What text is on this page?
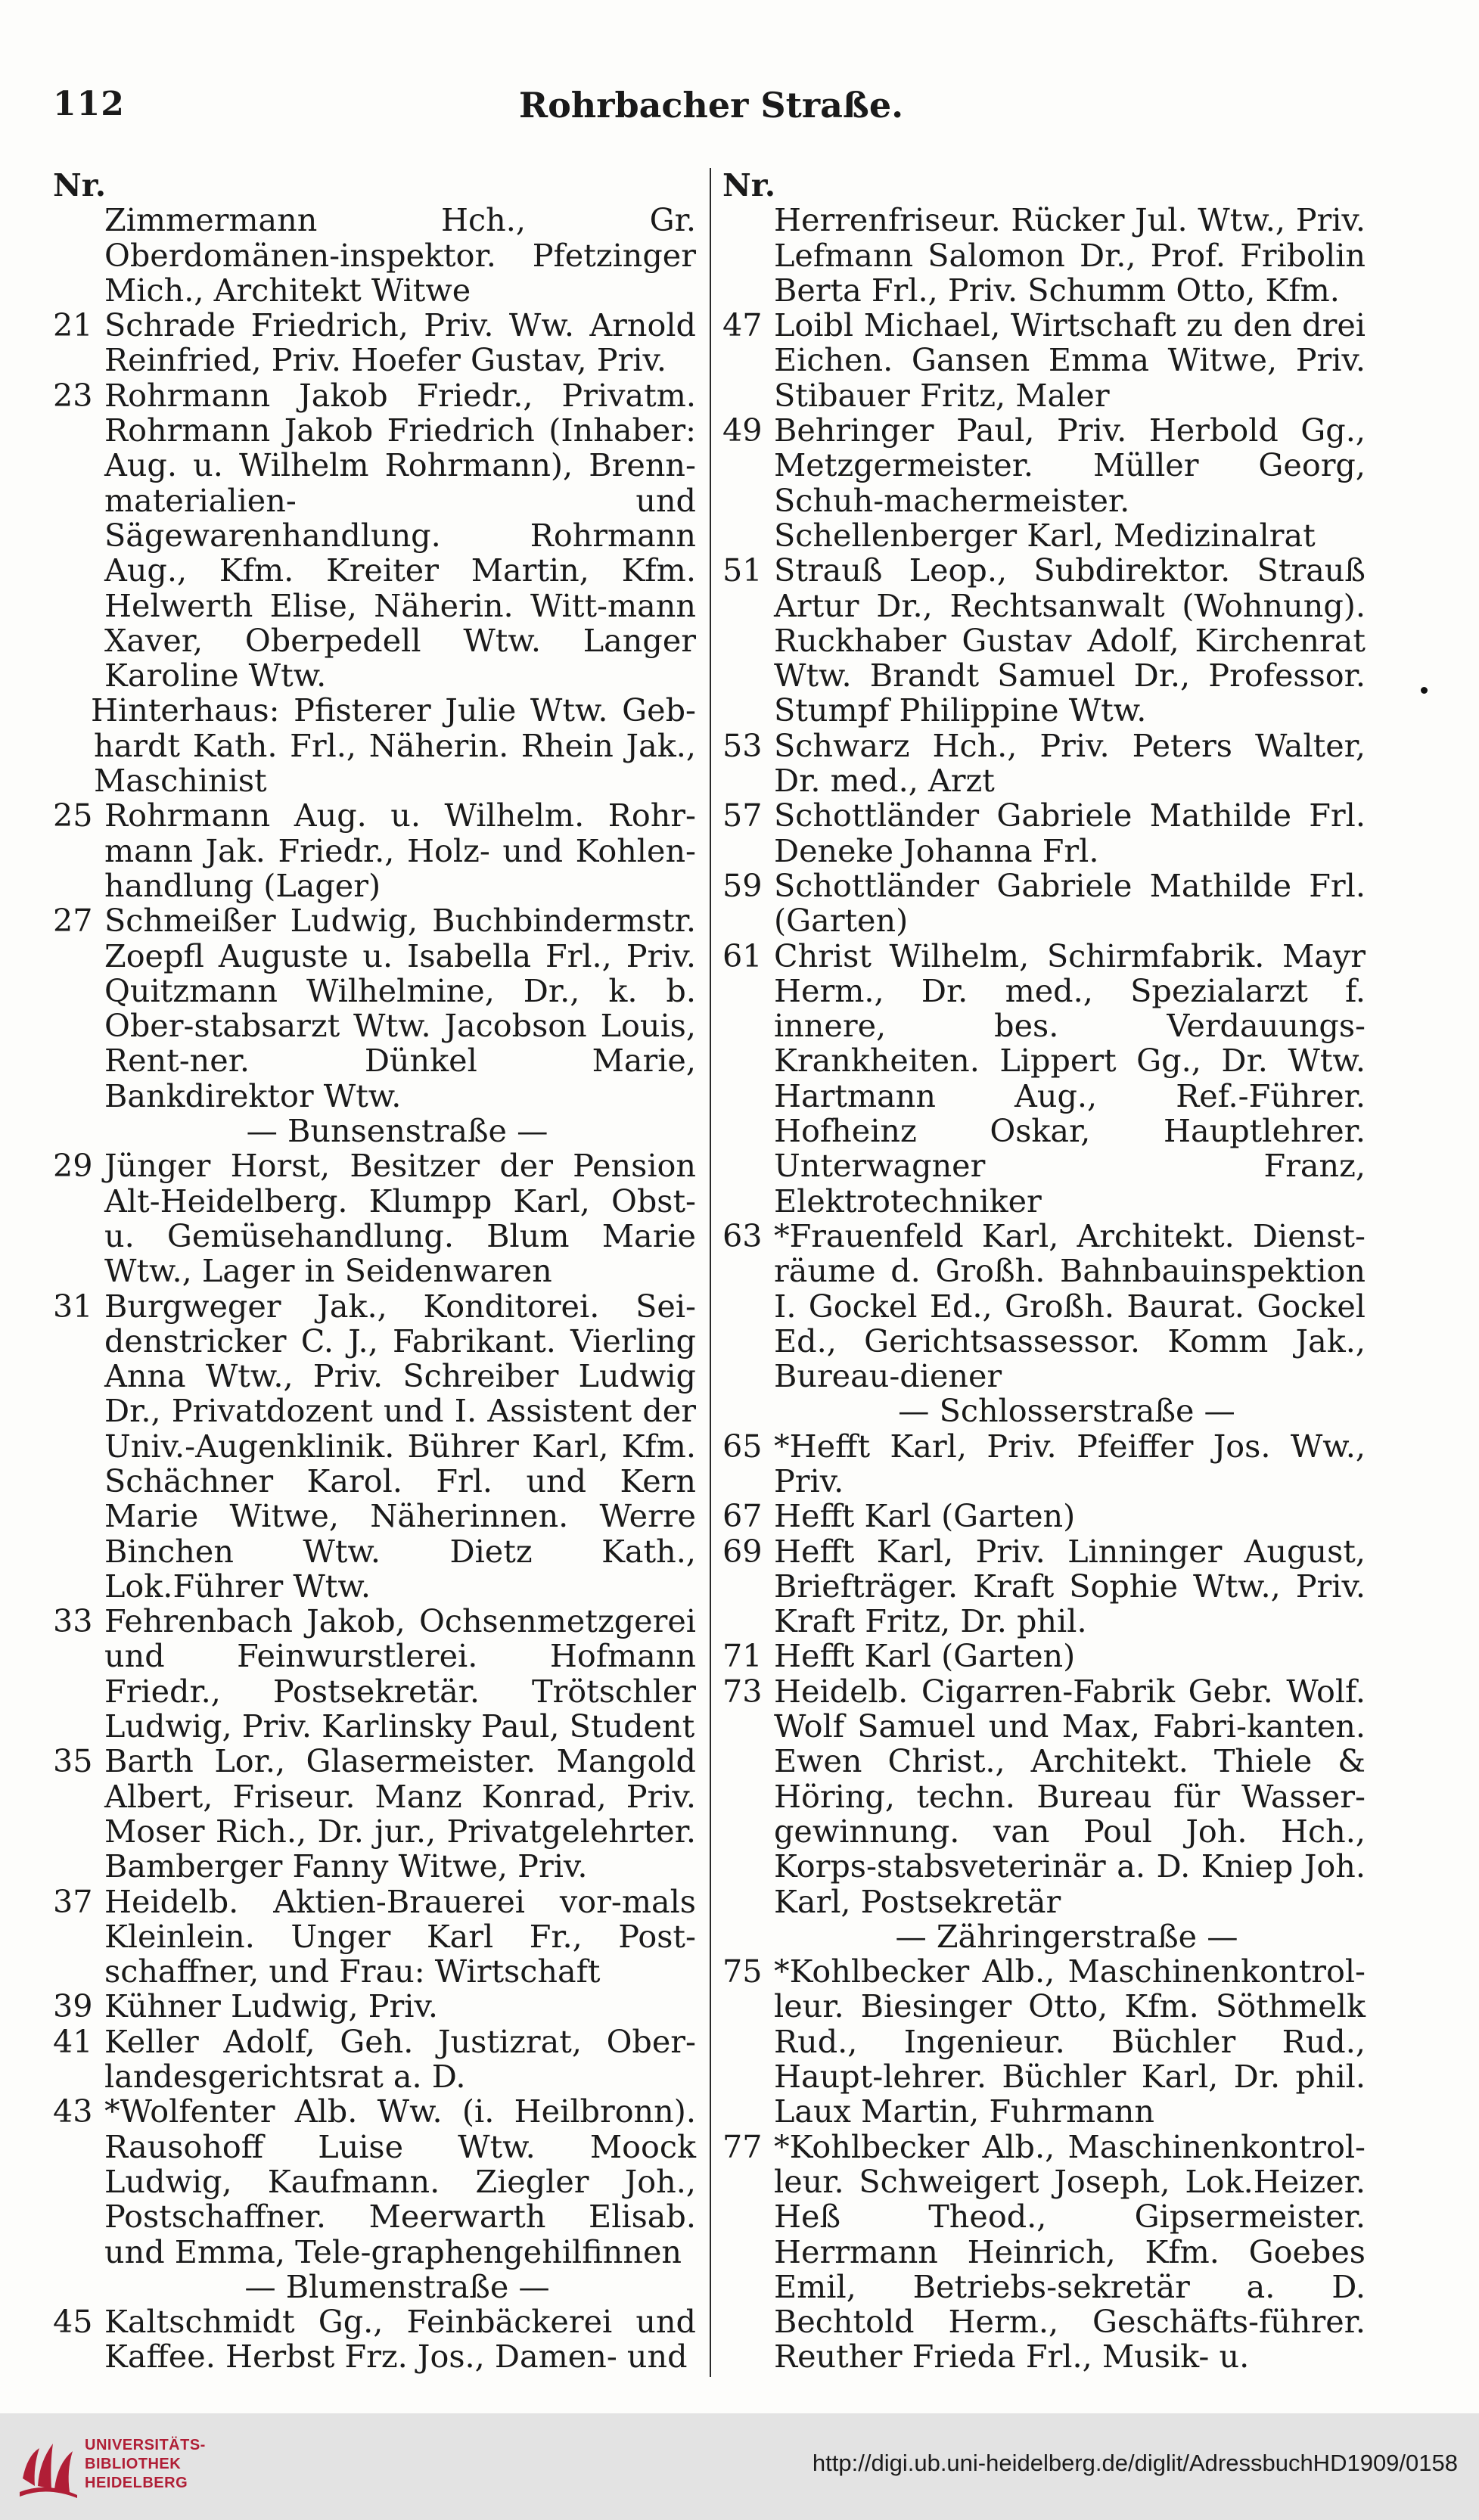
112	Rohrbacher Straße.
Nr.
Zimmermann Hch., Gr. Oberdomänen-inspektor. Pfetzinger Mich., Architekt Witwe
21 Schrade Friedrich, Priv. Ww. Arnold Reinfried, Priv. Hoefer Gustav, Priv.
23 Rohrmann Jakob Friedr., Privatm. Rohrmann Jakob Friedrich (Inhaber: Aug. u. Wilhelm Rohrmann), Brenn-materialien- und Sägewarenhandlung. Rohrmann Aug., Kfm. Kreiter Martin, Kfm. Helwerth Elise, Näherin. Witt-mann Xaver, Oberpedell Wtw. Langer Karoline Wtw.
Hinterhaus: Pfisterer Julie Wtw. Geb-hardt Kath. Frl., Näherin. Rhein Jak., Maschinist
25 Rohrmann Aug. u. Wilhelm. Rohr-mann Jak. Friedr., Holz- und Kohlen-handlung (Lager)
27 Schmeißer Ludwig, Buchbindermstr. Zoepfl Auguste u. Isabella Frl., Priv. Quitzmann Wilhelmine, Dr., k. b. Ober-stabsarzt Wtw. Jacobson Louis, Rent-ner. Dünkel Marie, Bankdirektor Wtw.
— Bunsenstraße —
29 Jünger Horst, Besitzer der Pension Alt-Heidelberg. Klumpp Karl, Obst- u. Gemüsehandlung. Blum Marie Wtw., Lager in Seidenwaren
31 Burgweger Jak., Konditorei. Sei-denstricker C. J., Fabrikant. Vierling Anna Wtw., Priv. Schreiber Ludwig Dr., Privatdozent und I. Assistent der Univ.-Augenklinik. Bührer Karl, Kfm. Schächner Karol. Frl. und Kern Marie Witwe, Näherinnen. Werre Binchen Wtw. Dietz Kath., Lok.Führer Wtw.
33 Fehrenbach Jakob, Ochsenmetzgerei und Feinwurstlerei. Hofmann Friedr., Postsekretär. Trötschler Ludwig, Priv. Karlinsky Paul, Student
35 Barth Lor., Glasermeister. Mangold Albert, Friseur. Manz Konrad, Priv. Moser Rich., Dr. jur., Privatgelehrter. Bamberger Fanny Witwe, Priv.
37 Heidelb. Aktien-Brauerei vor-mals Kleinlein. Unger Karl Fr., Post-schaffner, und Frau: Wirtschaft
39 Kühner Ludwig, Priv.
41 Keller Adolf, Geh. Justizrat, Ober-landesgerichtsrat a. D.
43 *Wolfenter Alb. Ww. (i. Heilbronn). Rausohoff Luise Wtw. Moock Ludwig, Kaufmann. Ziegler Joh., Postschaffner. Meerwarth Elisab. und Emma, Tele-graphengehilfinnen
— Blumenstraße —
45 Kaltschmidt Gg., Feinbäckerei und Kaffee. Herbst Frz. Jos., Damen- und
Nr.
Herrenfriseur. Rücker Jul. Wtw., Priv. Lefmann Salomon Dr., Prof. Fribolin Berta Frl., Priv. Schumm Otto, Kfm.
47 Loibl Michael, Wirtschaft zu den drei Eichen. Gansen Emma Witwe, Priv. Stibauer Fritz, Maler
49 Behringer Paul, Priv. Herbold Gg., Metzgermeister. Müller Georg, Schuh-machermeister. Schellenberger Karl, Medizinalrat
51 Strauß Leop., Subdirektor. Strauß Artur Dr., Rechtsanwalt (Wohnung). Ruckhaber Gustav Adolf, Kirchenrat Wtw. Brandt Samuel Dr., Professor. Stumpf Philippine Wtw.
53 Schwarz Hch., Priv. Peters Walter, Dr. med., Arzt
57 Schottländer Gabriele Mathilde Frl. Deneke Johanna Frl.
59 Schottländer Gabriele Mathilde Frl. (Garten)
61 Christ Wilhelm, Schirmfabrik. Mayr Herm., Dr. med., Spezialarzt f. innere, bes. Verdauungs-Krankheiten. Lippert Gg., Dr. Wtw. Hartmann Aug., Ref.-Führer. Hofheinz Oskar, Hauptlehrer. Unterwagner Franz, Elektrotechniker
63 *Frauenfeld Karl, Architekt. Dienst-räume d. Großh. Bahnbauinspektion I. Gockel Ed., Großh. Baurat. Gockel Ed., Gerichtsassessor. Komm Jak., Bureau-diener
— Schlosserstraße —
65 *Hefft Karl, Priv. Pfeiffer Jos. Ww., Priv.
67 Hefft Karl (Garten)
69 Hefft Karl, Priv. Linninger August, Briefträger. Kraft Sophie Wtw., Priv. Kraft Fritz, Dr. phil.
71 Hefft Karl (Garten)
73 Heidelb. Cigarren-Fabrik Gebr. Wolf. Wolf Samuel und Max, Fabri-kanten. Ewen Christ., Architekt. Thiele & Höring, techn. Bureau für Wasser-gewinnung. van Poul Joh. Hch., Korps-stabsveterinär a. D. Kniep Joh. Karl, Postsekretär
— Zähringerstraße —
75 *Kohlbecker Alb., Maschinenkontrol-leur. Biesinger Otto, Kfm. Söthmelk Rud., Ingenieur. Büchler Rud., Haupt-lehrer. Büchler Karl, Dr. phil. Laux Martin, Fuhrmann
77 *Kohlbecker Alb., Maschinenkontrol-leur. Schweigert Joseph, Lok.Heizer. Heß Theod., Gipsermeister. Herrmann Heinrich, Kfm. Goebes Emil, Betriebs-sekretär a. D. Bechtold Herm., Geschäfts-führer. Reuther Frieda Frl., Musik- u.
UNIVERSITÄTS-
BIBLIOTHEK
HEIDELBERG
http://digi.ub.uni-heidelberg.de/diglit/AdressbuchHD1909/0158
